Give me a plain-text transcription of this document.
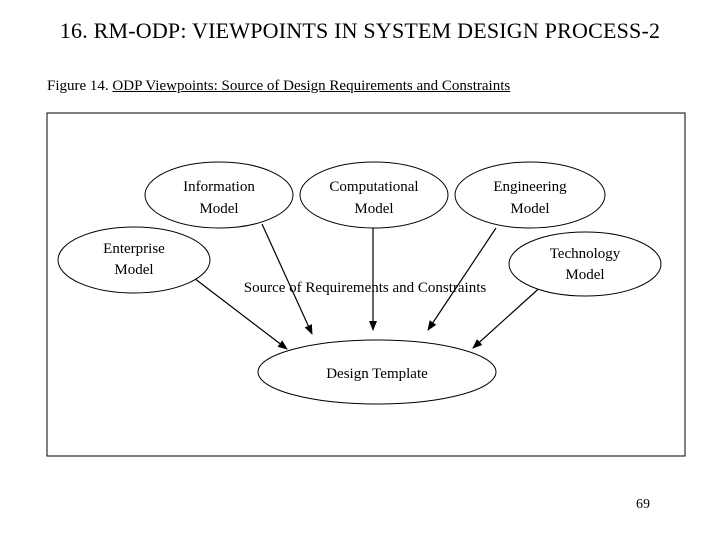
16. RM-ODP: VIEWPOINTS IN SYSTEM DESIGN PROCESS-2
Figure 14. ODP Viewpoints: Source of Design Requirements and Constraints
Information
Model
Computational
Model
Engineering
Model
Enterprise
Model
Technology
Model
Design Template
Source of Requirements and Constraints
69
